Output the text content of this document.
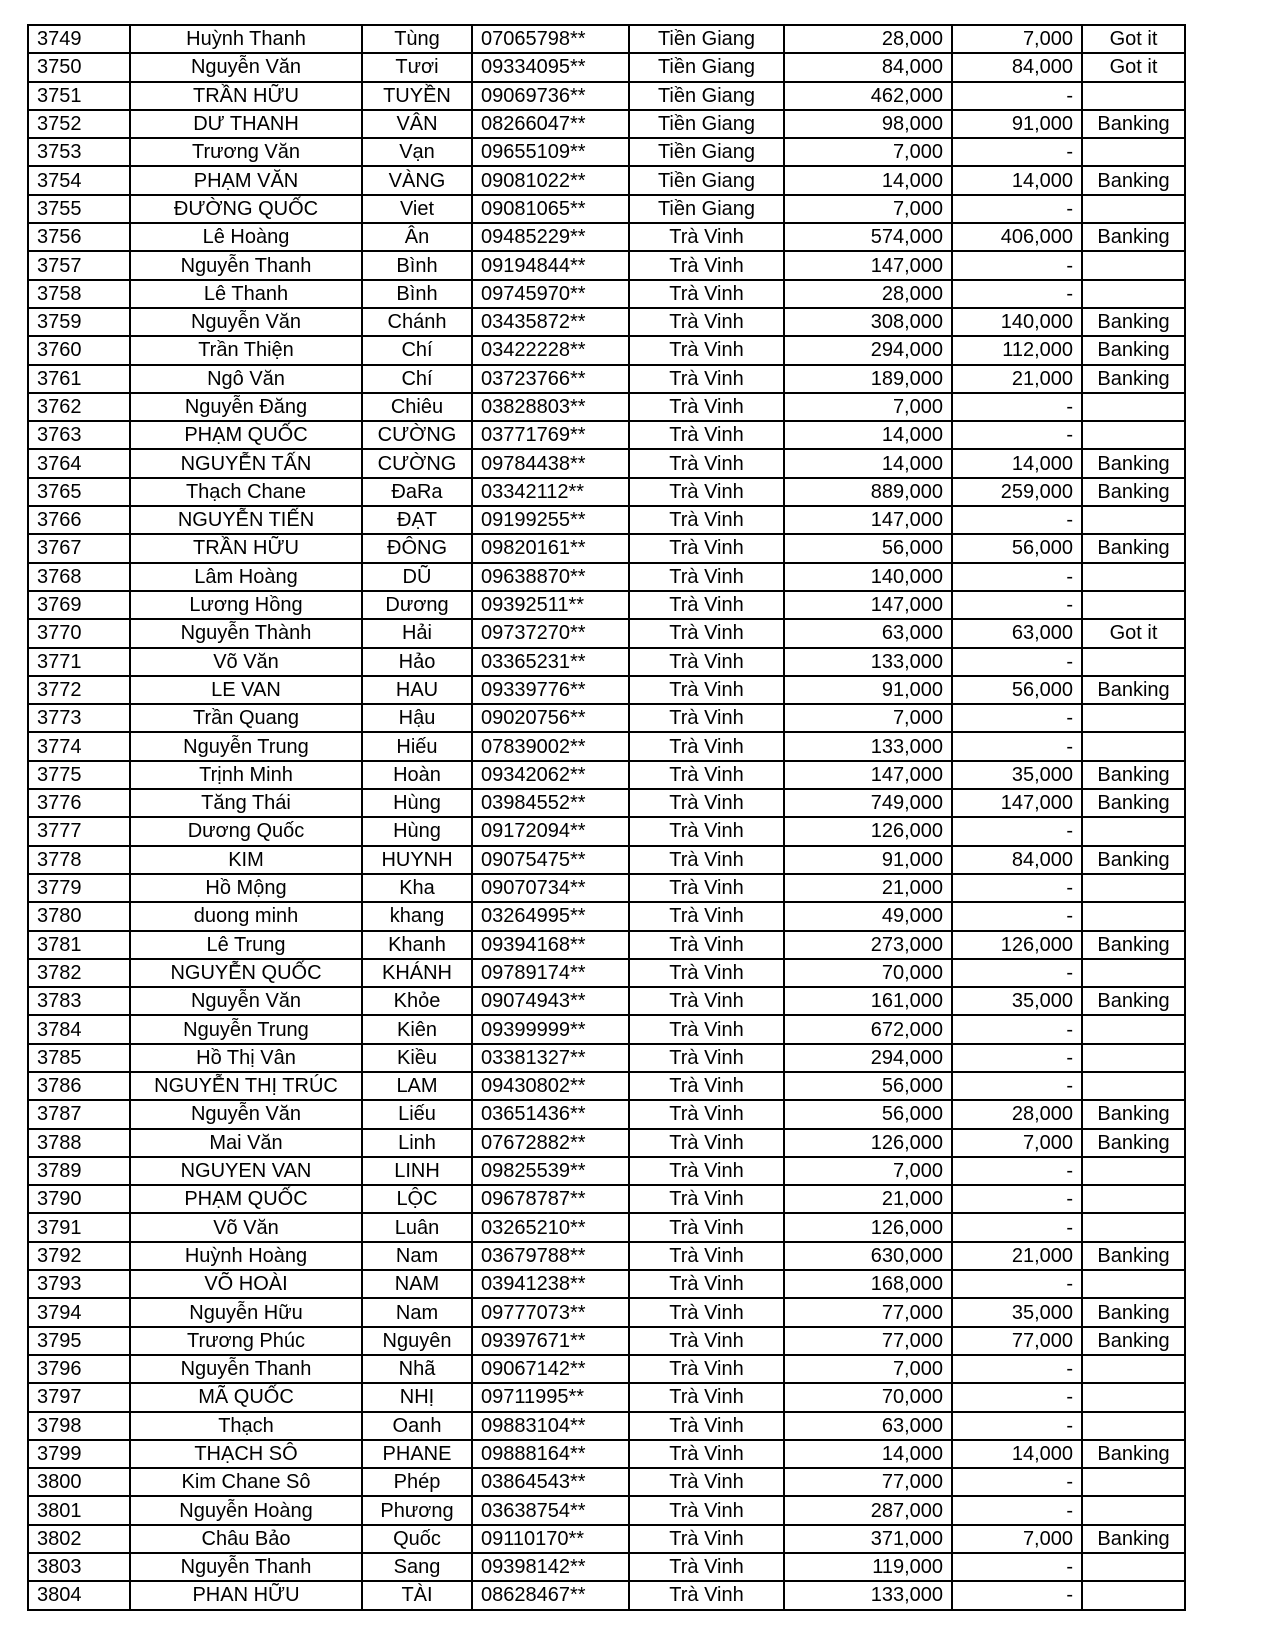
3749	Huỳnh Thanh	Tùng	07065798**	Tiền Giang	28,000	7,000	Got it
3750	Nguyễn Văn	Tươi	09334095**	Tiền Giang	84,000	84,000	Got it
3751	TRẦN HỮU	TUYỀN	09069736**	Tiền Giang	462,000	-	
3752	DƯ THANH	VÂN	08266047**	Tiền Giang	98,000	91,000	Banking
3753	Trương Văn	Vạn	09655109**	Tiền Giang	7,000	-	
3754	PHẠM VĂN	VÀNG	09081022**	Tiền Giang	14,000	14,000	Banking
3755	ĐƯỜNG QUỐC	Viet	09081065**	Tiền Giang	7,000	-	
3756	Lê Hoàng	Ân	09485229**	Trà Vinh	574,000	406,000	Banking
3757	Nguyễn Thanh	Bình	09194844**	Trà Vinh	147,000	-	
3758	Lê Thanh	Bình	09745970**	Trà Vinh	28,000	-	
3759	Nguyễn Văn	Chánh	03435872**	Trà Vinh	308,000	140,000	Banking
3760	Trần Thiện	Chí	03422228**	Trà Vinh	294,000	112,000	Banking
3761	Ngô Văn	Chí	03723766**	Trà Vinh	189,000	21,000	Banking
3762	Nguyễn Đăng	Chiêu	03828803**	Trà Vinh	7,000	-	
3763	PHẠM QUỐC	CƯỜNG	03771769**	Trà Vinh	14,000	-	
3764	NGUYỄN TẤN	CƯỜNG	09784438**	Trà Vinh	14,000	14,000	Banking
3765	Thạch Chane	ĐaRa	03342112**	Trà Vinh	889,000	259,000	Banking
3766	NGUYỄN TIẾN	ĐẠT	09199255**	Trà Vinh	147,000	-	
3767	TRẦN HỮU	ĐÔNG	09820161**	Trà Vinh	56,000	56,000	Banking
3768	Lâm Hoàng	DŨ	09638870**	Trà Vinh	140,000	-	
3769	Lương Hồng	Dương	09392511**	Trà Vinh	147,000	-	
3770	Nguyễn Thành	Hải	09737270**	Trà Vinh	63,000	63,000	Got it
3771	Võ Văn	Hảo	03365231**	Trà Vinh	133,000	-	
3772	LE VAN	HAU	09339776**	Trà Vinh	91,000	56,000	Banking
3773	Trần Quang	Hậu	09020756**	Trà Vinh	7,000	-	
3774	Nguyễn Trung	Hiếu	07839002**	Trà Vinh	133,000	-	
3775	Trịnh Minh	Hoàn	09342062**	Trà Vinh	147,000	35,000	Banking
3776	Tăng Thái	Hùng	03984552**	Trà Vinh	749,000	147,000	Banking
3777	Dương Quốc	Hùng	09172094**	Trà Vinh	126,000	-	
3778	KIM	HUYNH	09075475**	Trà Vinh	91,000	84,000	Banking
3779	Hồ Mộng	Kha	09070734**	Trà Vinh	21,000	-	
3780	duong minh	khang	03264995**	Trà Vinh	49,000	-	
3781	Lê Trung	Khanh	09394168**	Trà Vinh	273,000	126,000	Banking
3782	NGUYỄN QUỐC	KHÁNH	09789174**	Trà Vinh	70,000	-	
3783	Nguyễn Văn	Khỏe	09074943**	Trà Vinh	161,000	35,000	Banking
3784	Nguyễn Trung	Kiên	09399999**	Trà Vinh	672,000	-	
3785	Hồ Thị Vân	Kiều	03381327**	Trà Vinh	294,000	-	
3786	NGUYỄN THỊ TRÚC	LAM	09430802**	Trà Vinh	56,000	-	
3787	Nguyễn Văn	Liếu	03651436**	Trà Vinh	56,000	28,000	Banking
3788	Mai Văn	Linh	07672882**	Trà Vinh	126,000	7,000	Banking
3789	NGUYEN VAN	LINH	09825539**	Trà Vinh	7,000	-	
3790	PHẠM QUỐC	LỘC	09678787**	Trà Vinh	21,000	-	
3791	Võ Văn	Luân	03265210**	Trà Vinh	126,000	-	
3792	Huỳnh Hoàng	Nam	03679788**	Trà Vinh	630,000	21,000	Banking
3793	VÕ HOÀI	NAM	03941238**	Trà Vinh	168,000	-	
3794	Nguyễn Hữu	Nam	09777073**	Trà Vinh	77,000	35,000	Banking
3795	Trương Phúc	Nguyên	09397671**	Trà Vinh	77,000	77,000	Banking
3796	Nguyễn Thanh	Nhã	09067142**	Trà Vinh	7,000	-	
3797	MÃ QUỐC	NHỊ	09711995**	Trà Vinh	70,000	-	
3798	Thạch	Oanh	09883104**	Trà Vinh	63,000	-	
3799	THẠCH SÔ	PHANE	09888164**	Trà Vinh	14,000	14,000	Banking
3800	Kim Chane Sô	Phép	03864543**	Trà Vinh	77,000	-	
3801	Nguyễn Hoàng	Phương	03638754**	Trà Vinh	287,000	-	
3802	Châu Bảo	Quốc	09110170**	Trà Vinh	371,000	7,000	Banking
3803	Nguyễn Thanh	Sang	09398142**	Trà Vinh	119,000	-	
3804	PHAN HỮU	TÀI	08628467**	Trà Vinh	133,000	-	
